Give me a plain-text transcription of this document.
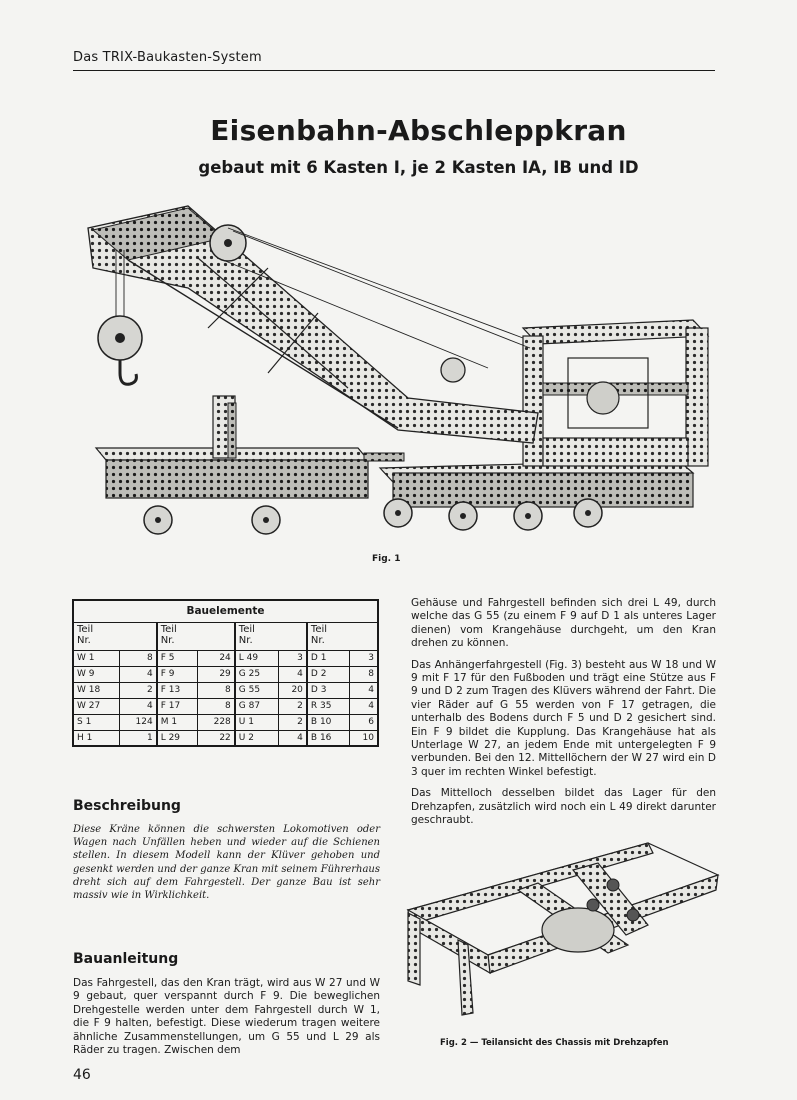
Das TRIX-Baukasten-System
Eisenbahn-Abschleppkran
gebaut mit 6 Kasten I, je 2 Kasten IA, IB und ID
Fig. 1
Bauelemente							
Teil
Nr.		Teil
Nr.		Teil
Nr.		Teil
Nr.	
W 1	8	F 5	24	L 49	3	D 1	3
W 9	4	F 9	29	G 25	4	D 2	8
W 18	2	F 13	8	G 55	20	D 3	4
W 27	4	F 17	8	G 87	2	R 35	4
S 1	124	M 1	228	U 1	2	B 10	6
H 1	1	L 29	22	U 2	4	B 16	10
Beschreibung
Diese Kräne können die schwersten Lokomotiven oder Wagen nach Unfällen heben und wieder auf die Schienen stellen. In diesem Modell kann der Klüver gehoben und gesenkt werden und der ganze Kran mit seinem Führerhaus dreht sich auf dem Fahrgestell. Der ganze Bau ist sehr massiv wie in Wirklichkeit.
Bauanleitung
Das Fahrgestell, das den Kran trägt, wird aus W 27 und W 9 gebaut, quer verspannt durch F 9. Die beweglichen Drehgestelle werden unter dem Fahrgestell durch W 1, die F 9 halten, befestigt. Diese wiederum tragen weitere ähnliche Zusammenstellungen, um G 55 und L 29 als Räder zu tragen. Zwischen dem

Gehäuse und Fahrgestell befinden sich drei L 49, durch welche das G 55 (zu einem F 9 auf D 1 als unteres Lager dienen) vom Krangehäuse durchgeht, um den Kran drehen zu können.

Das Anhängerfahrgestell (Fig. 3) besteht aus W 18 und W 9 mit F 17 für den Fußboden und trägt eine Stütze aus F 9 und D 2 zum Tragen des Klüvers während der Fahrt. Die vier Räder auf G 55 werden von F 17 getragen, die unterhalb des Bodens durch F 5 und D 2 gesichert sind. Ein F 9 bildet die Kupplung. Das Krangehäuse hat als Unterlage W 27, an jedem Ende mit untergelegten F 9 verbunden. Bei den 12. Mittellöchern der W 27 wird ein D 3 quer im rechten Winkel befestigt.

Das Mittelloch desselben bildet das Lager für den Drehzapfen, zusätzlich wird noch ein L 49 direkt darunter geschraubt.

Fig. 2 — Teilansicht des Chassis mit Drehzapfen
46
